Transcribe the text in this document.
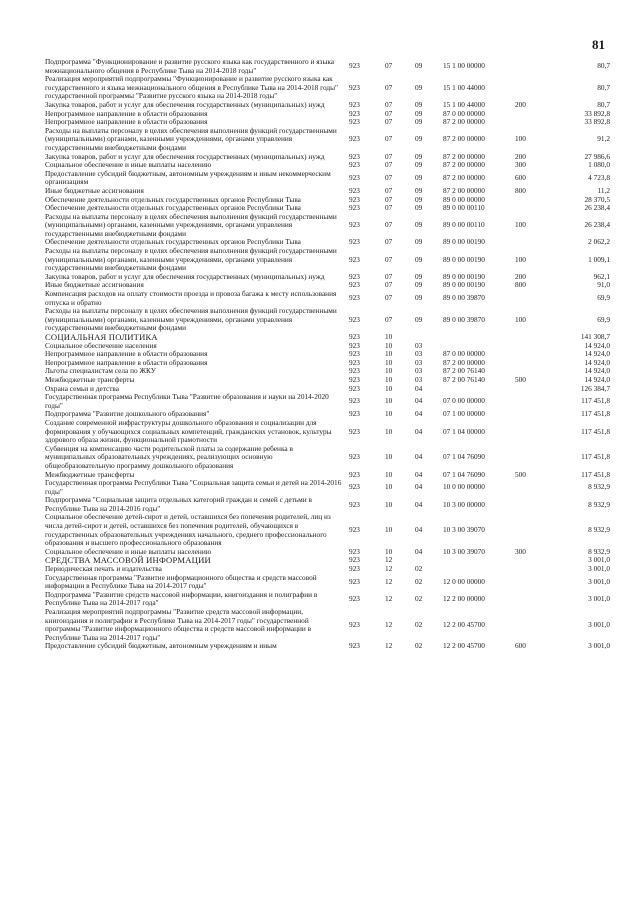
81
Подпрограмма "Функционирование и развитие русского языка как государственного и языка межнационального общения в Республике Тыва на 2014-2018 годы"	923	07	09	15 1 00 00000		80,7
Реализация мероприятий подпрограммы "Функционирование и развитие русского языка как государственного и языка межнационального общения в Республике Тыва на 2014-2018 годы" государственной программы "Развитие русского языка на 2014-2018 годы"	923	07	09	15 1 00 44000		80,7
Закупка товаров, работ и услуг для обеспечения государственных (муниципальных) нужд	923	07	09	15 1 00 44000	200	80,7
Непрограммное направление в области образования	923	07	09	87 0 00 00000		33 892,8
Непрограммное направление в области образования	923	07	09	87 2 00 00000		33 892,8
Расходы на выплаты персоналу в целях обеспечения выполнения функций государственными (муниципальными) органами, казенными учреждениями, органами управления государственными внебюджетными фондами	923	07	09	87 2 00 00000	100	91,2
Закупка товаров, работ и услуг для обеспечения государственных (муниципальных) нужд	923	07	09	87 2 00 00000	200	27 986,6
Социальное обеспечение и иные выплаты населению	923	07	09	87 2 00 00000	300	1 080,0
Предоставление субсидий бюджетным, автономным учреждениям и иным некоммерческим организациям	923	07	09	87 2 00 00000	600	4 723,8
Иные бюджетные ассигнования	923	07	09	87 2 00 00000	800	11,2
Обеспечение деятельности отдельных государственных органов Республики Тыва	923	07	09	89 0 00 00000		28 370,5
Обеспечение деятельности отдельных государственных органов Республики Тыва	923	07	09	89 0 00 00110		26 238,4
Расходы на выплаты персоналу в целях обеспечения выполнения функций государственными (муниципальными) органами, казенными учреждениями, органами управления государственными внебюджетными фондами	923	07	09	89 0 00 00110	100	26 238,4
Обеспечение деятельности отдельных государственных органов Республики Тыва	923	07	09	89 0 00 00190		2 062,2
Расходы на выплаты персоналу в целях обеспечения выполнения функций государственными (муниципальными) органами, казенными учреждениями, органами управления государственными внебюджетными фондами	923	07	09	89 0 00 00190	100	1 009,1
Закупка товаров, работ и услуг для обеспечения государственных (муниципальных) нужд	923	07	09	89 0 00 00190	200	962,1
Иные бюджетные ассигнования	923	07	09	89 0 00 00190	800	91,0
Компенсация расходов на оплату стоимости проезда и провоза багажа к месту использования отпуска и обратно	923	07	09	89 0 00 39870		69,9
Расходы на выплаты персоналу в целях обеспечения выполнения функций государственными (муниципальными) органами, казенными учреждениями, органами управления государственными внебюджетными фондами	923	07	09	89 0 00 39870	100	69,9
СОЦИАЛЬНАЯ ПОЛИТИКА	923	10				141 308,7
Социальное обеспечение населения	923	10	03			14 924,0
Непрограммное направление в области образования	923	10	03	87 0 00 00000		14 924,0
Непрограммное направление в области образования	923	10	03	87 2 00 00000		14 924,0
Льготы специалистам села по ЖКУ	923	10	03	87 2 00 76140		14 924,0
Межбюджетные трансферты	923	10	03	87 2 00 76140	500	14 924,0
Охрана семьи и детства	923	10	04			126 384,7
Государственная программа Республики Тыва "Развитие образования и науки на 2014-2020 годы"	923	10	04	07 0 00 00000		117 451,8
Подпрограмма "Развитие дошкольного образования"	923	10	04	07 1 00 00000		117 451,8
Создание современной инфраструктуры дошкольного образования и социализации для формирования у обучающихся социальных компетенций, гражданских установок, культуры здорового образа жизни, функциональной грамотности	923	10	04	07 1 04 00000		117 451,8
Субвенция на компенсацию части родительской платы за содержание ребенка в муниципальных образовательных учреждениях, реализующих основную общеобразовательную программу дошкольного образования	923	10	04	07 1 04 76090		117 451,8
Межбюджетные трансферты	923	10	04	07 1 04 76090	500	117 451,8
Государственная программа Республики Тыва "Социальная защита семьи и детей на 2014-2016 годы"	923	10	04	10 0 00 00000		8 932,9
Подпрограмма "Социальная защита отдельных категорий граждан и семей с детьми в Республике Тыва на 2014-2016 годы"	923	10	04	10 3 00 00000		8 932,9
Социальное обеспечение детей-сирот и детей, оставшихся без попечения родителей, лиц из числа детей-сирот и детей, оставшихся без попечения родителей, обучающихся в государственных образовательных учреждениях начального, среднего профессионального образования и высшего профессионального образования	923	10	04	10 3 00 39070		8 932,9
Социальное обеспечение и иные выплаты населению	923	10	04	10 3 00 39070	300	8 932,9
СРЕДСТВА МАССОВОЙ ИНФОРМАЦИИ	923	12				3 001,0
Периодическая печать и издательства	923	12	02			3 001,0
Государственная программа "Развитие информационного общества и средств массовой информации в Республике Тыва на 2014-2017 годы"	923	12	02	12 0 00 00000		3 001,0
Подпрограмма "Развитие средств массовой информации, книгоиздания и полиграфии в Республике Тыва на 2014-2017 года"	923	12	02	12 2 00 00000		3 001,0
Реализация мероприятий подпрограммы "Развитие средств массовой информации, книгоиздания и полиграфии в Республике Тыва на 2014-2017 годы" государственной программы "Развитие информационного общества и средств массовой информации в Республике Тыва на 2014-2017 годы"	923	12	02	12 2 00 45700		3 001,0
Предоставление субсидий бюджетным, автономным учреждениям и иным	923	12	02	12 2 00 45700	600	3 001,0
